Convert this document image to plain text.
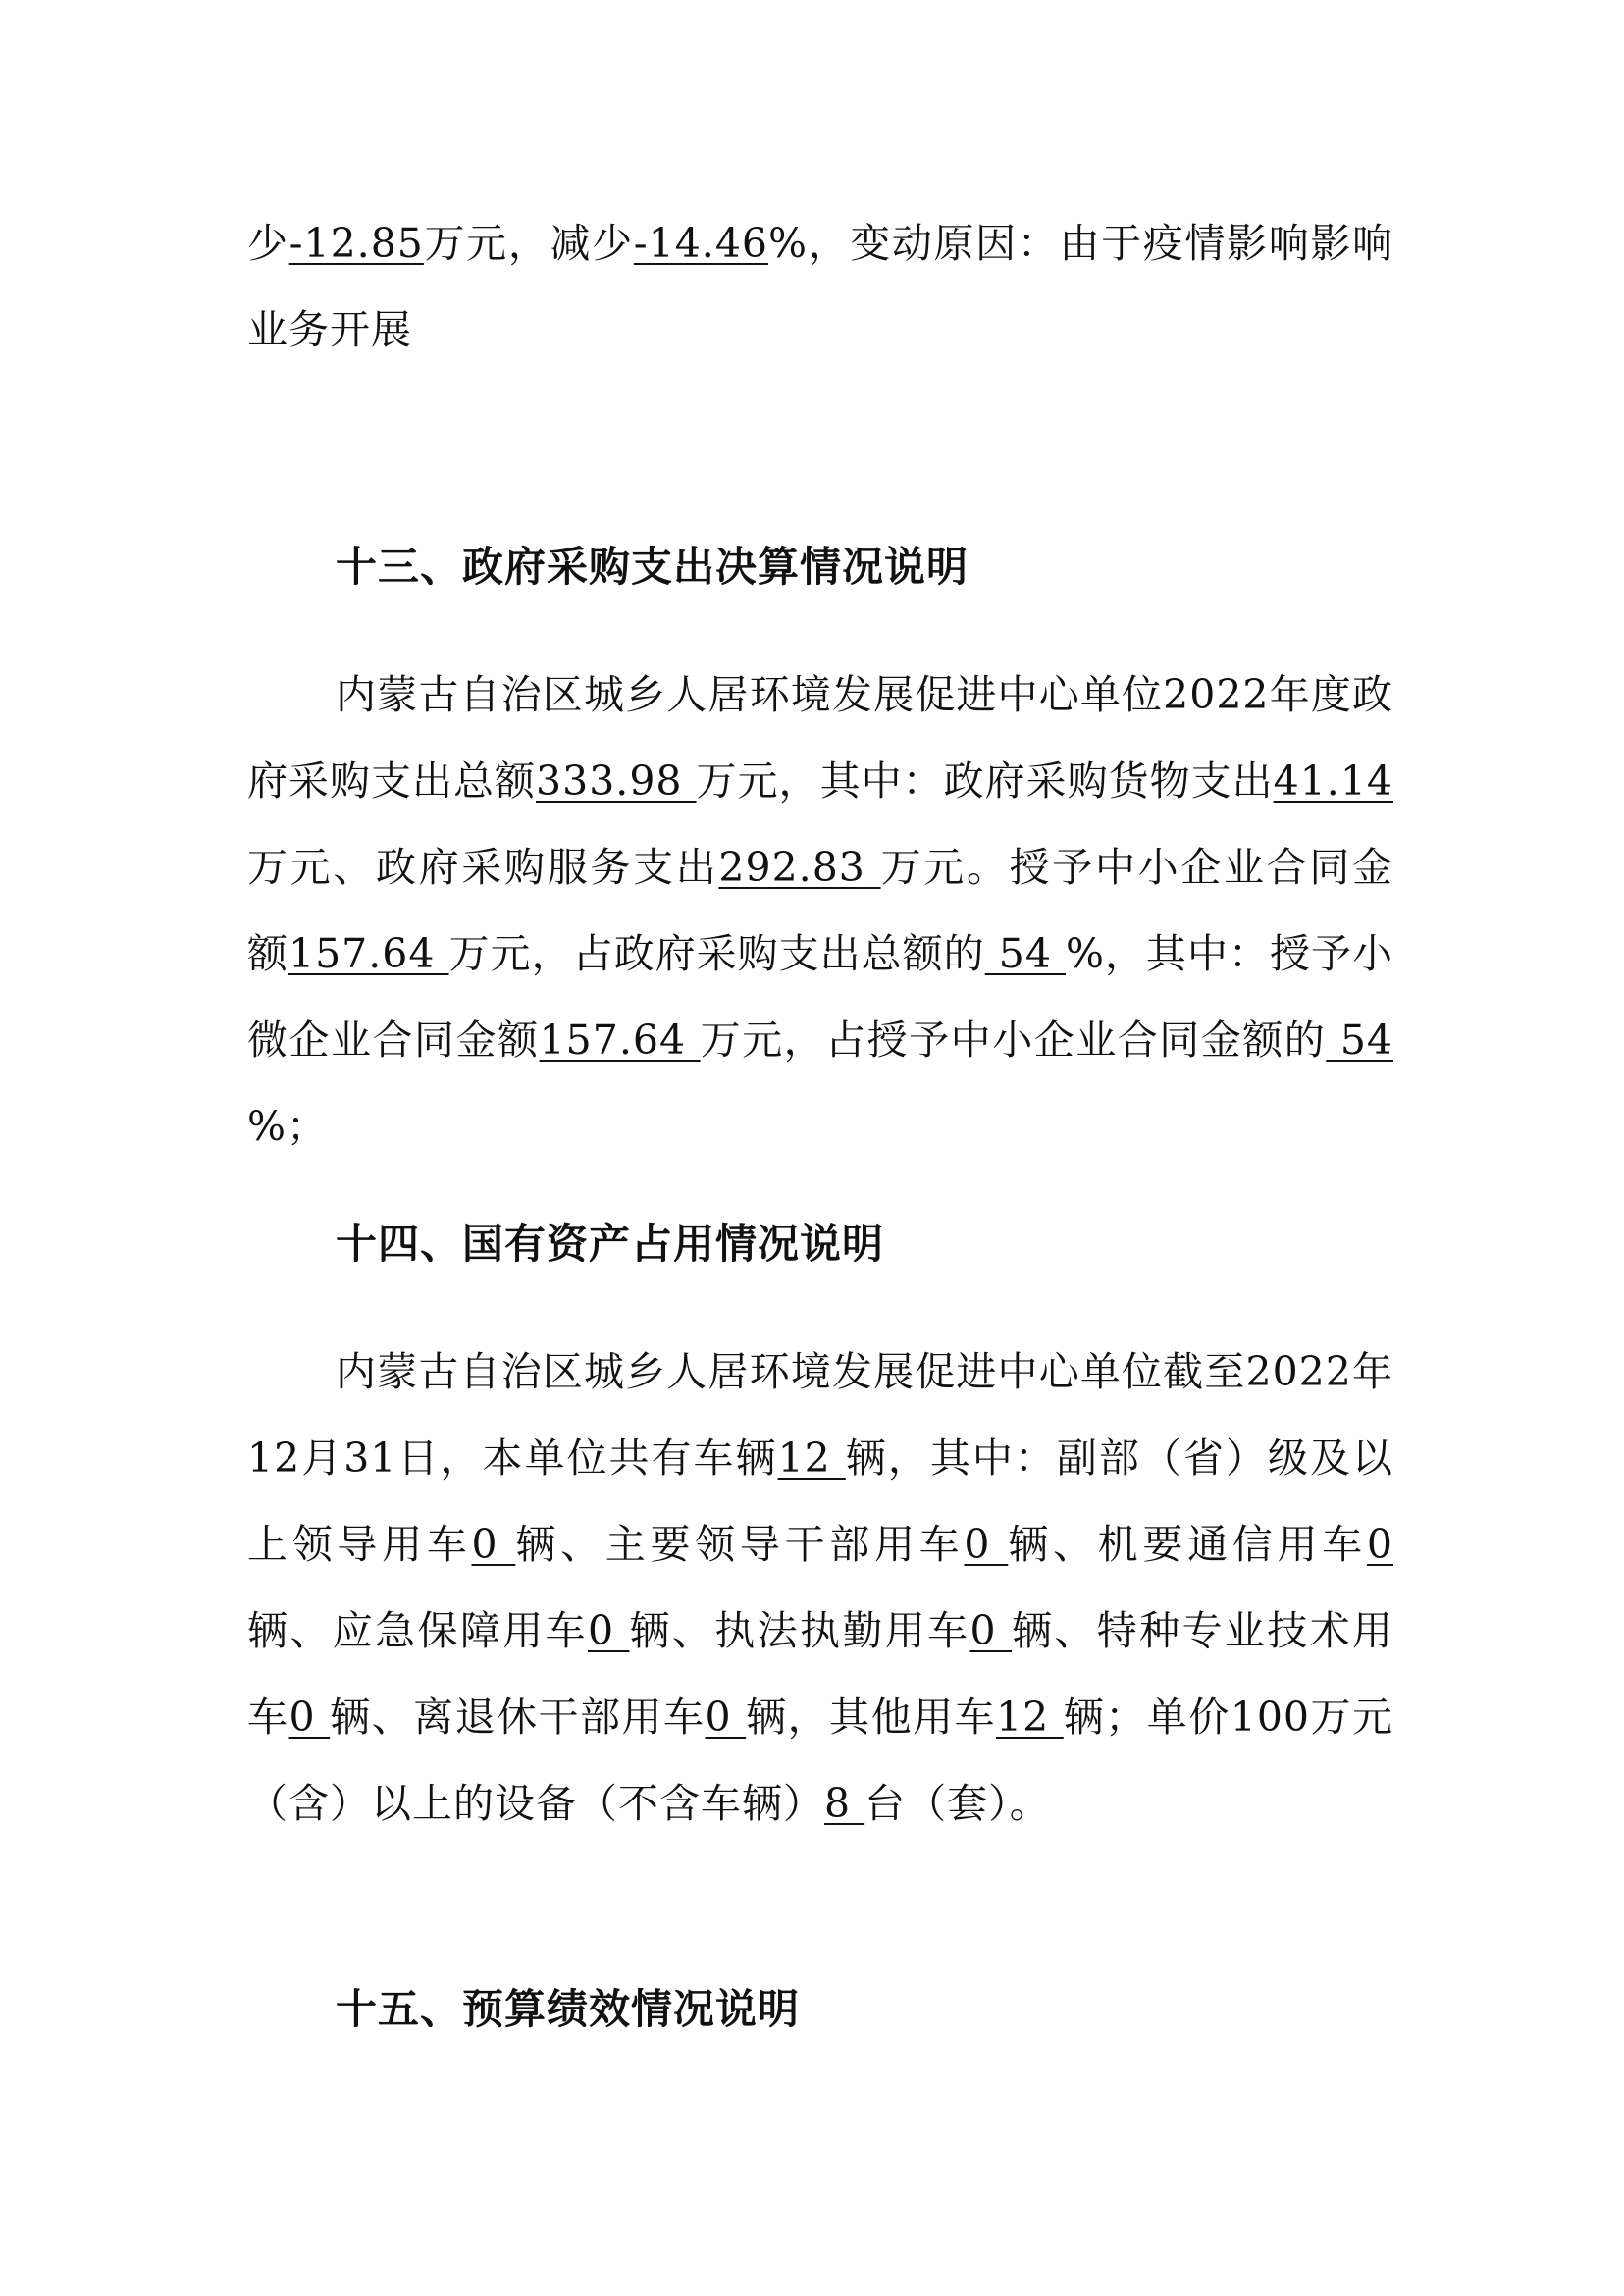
少-12.85万元，减少-14.46%，变动原因：由于疫情影响影响业务开展
十三、政府采购支出决算情况说明
内蒙古自治区城乡人居环境发展促进中心单位2022年度政府采购支出总额333.98 万元，其中：政府采购货物支出41.14 万元、政府采购服务支出292.83 万元。授予中小企业合同金额157.64 万元，占政府采购支出总额的 54 %，其中：授予小微企业合同金额157.64 万元，占授予中小企业合同金额的 54 %；
十四、国有资产占用情况说明
内蒙古自治区城乡人居环境发展促进中心单位截至2022年12月31日，本单位共有车辆12 辆，其中：副部（省）级及以上领导用车0 辆、主要领导干部用车0 辆、机要通信用车0 辆、应急保障用车0 辆、执法执勤用车0 辆、特种专业技术用车0 辆、离退休干部用车0 辆，其他用车12 辆；单价100万元（含）以上的设备（不含车辆）8 台（套）。
十五、预算绩效情况说明
